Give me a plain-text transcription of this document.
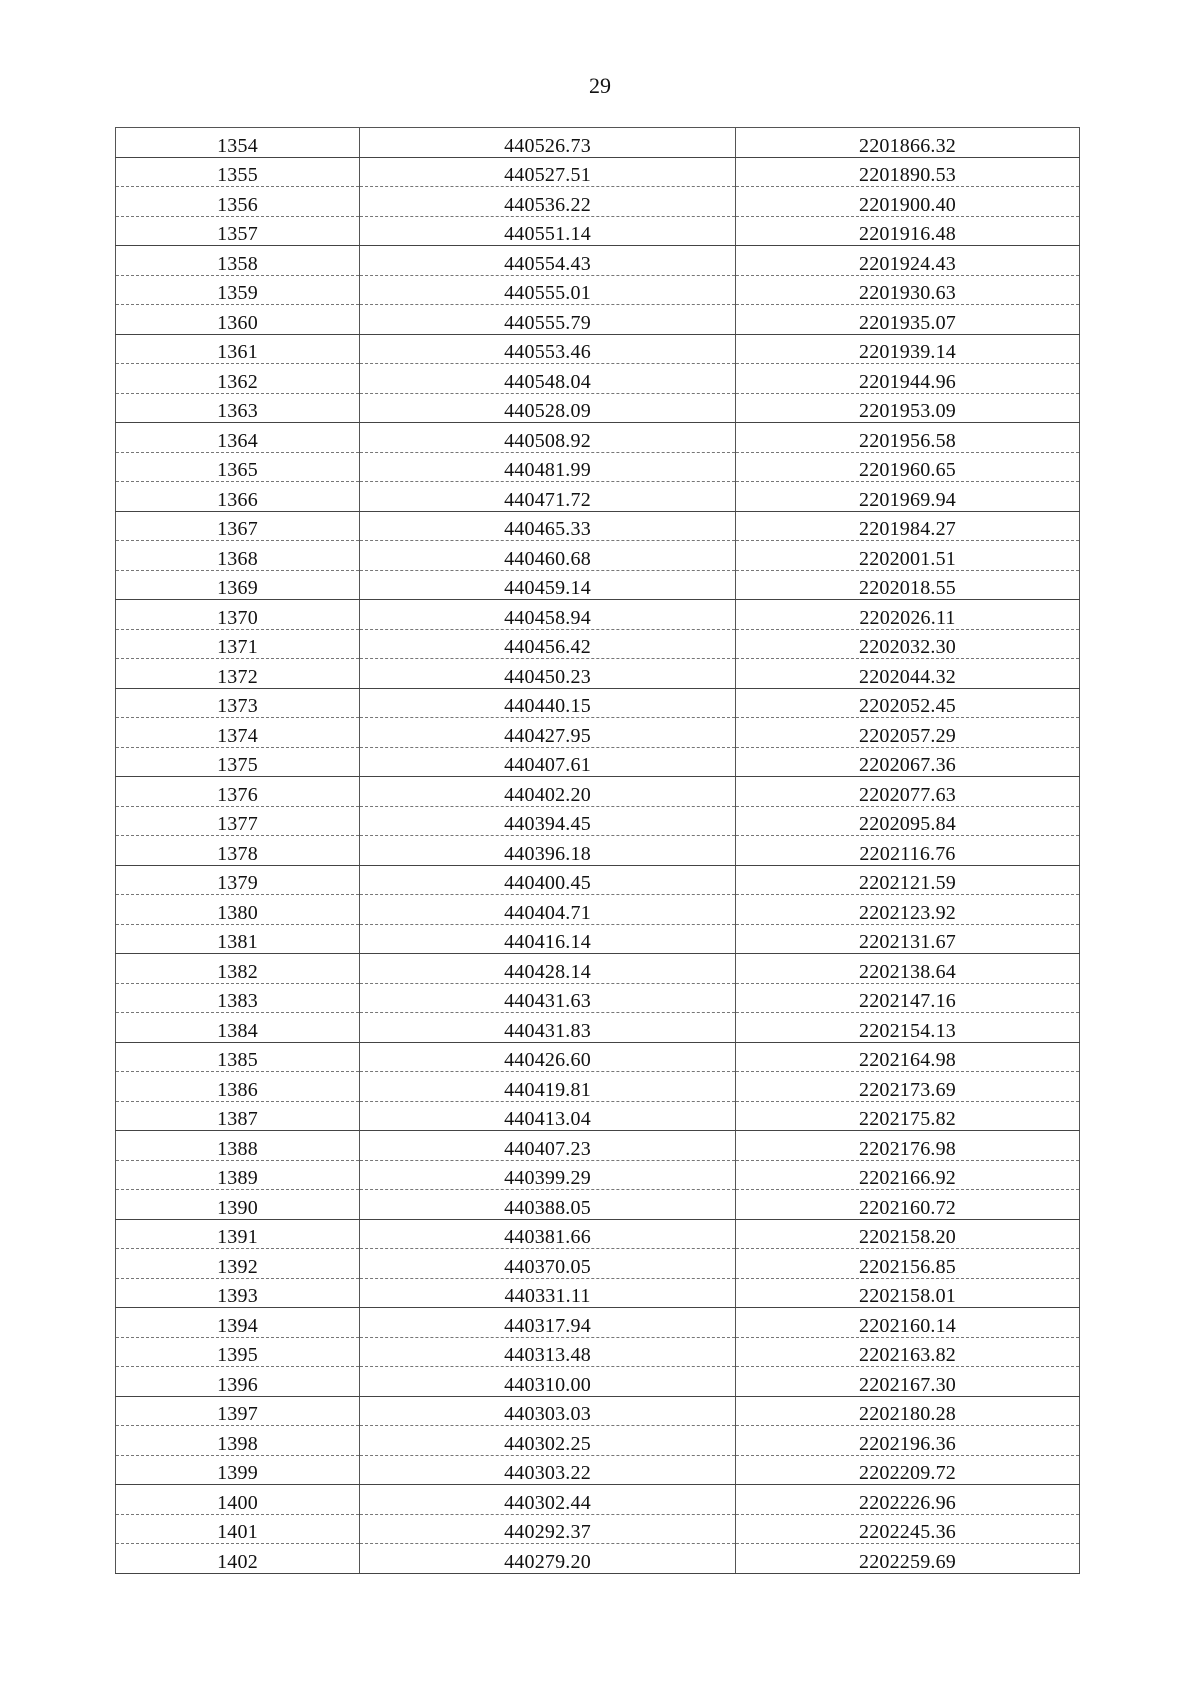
29
1354	440526.73	2201866.32
1355	440527.51	2201890.53
1356	440536.22	2201900.40
1357	440551.14	2201916.48
1358	440554.43	2201924.43
1359	440555.01	2201930.63
1360	440555.79	2201935.07
1361	440553.46	2201939.14
1362	440548.04	2201944.96
1363	440528.09	2201953.09
1364	440508.92	2201956.58
1365	440481.99	2201960.65
1366	440471.72	2201969.94
1367	440465.33	2201984.27
1368	440460.68	2202001.51
1369	440459.14	2202018.55
1370	440458.94	2202026.11
1371	440456.42	2202032.30
1372	440450.23	2202044.32
1373	440440.15	2202052.45
1374	440427.95	2202057.29
1375	440407.61	2202067.36
1376	440402.20	2202077.63
1377	440394.45	2202095.84
1378	440396.18	2202116.76
1379	440400.45	2202121.59
1380	440404.71	2202123.92
1381	440416.14	2202131.67
1382	440428.14	2202138.64
1383	440431.63	2202147.16
1384	440431.83	2202154.13
1385	440426.60	2202164.98
1386	440419.81	2202173.69
1387	440413.04	2202175.82
1388	440407.23	2202176.98
1389	440399.29	2202166.92
1390	440388.05	2202160.72
1391	440381.66	2202158.20
1392	440370.05	2202156.85
1393	440331.11	2202158.01
1394	440317.94	2202160.14
1395	440313.48	2202163.82
1396	440310.00	2202167.30
1397	440303.03	2202180.28
1398	440302.25	2202196.36
1399	440303.22	2202209.72
1400	440302.44	2202226.96
1401	440292.37	2202245.36
1402	440279.20	2202259.69
